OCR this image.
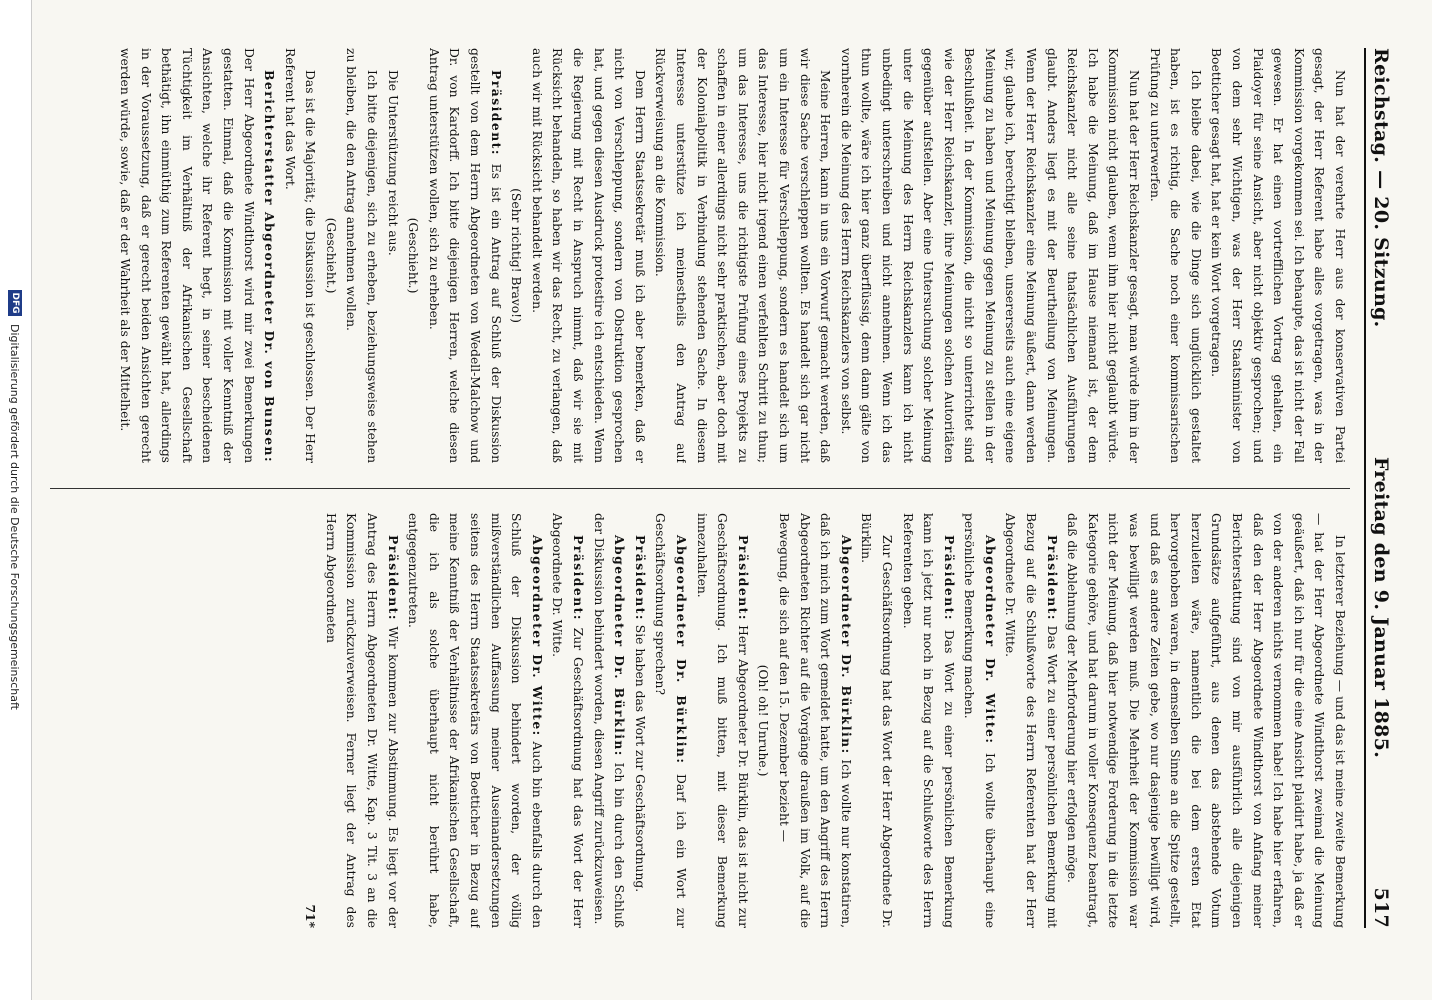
Reichstag. — 20. Sitzung.
Freitag den 9. Januar 1885.
517

Nun hat der verehrte Herr aus der konservativen Partei gesagt, der Herr Referent habe alles vorgetragen, was in der Kommission vorgekommen sei. Ich behaupte, das ist nicht der Fall gewesen. Er hat einen vortrefflichen Vortrag gehalten, ein Plaidoyer für seine Ansicht, aber nicht objektiv gesprochen; und von dem sehr Wichtigen, was der Herr Staatsminister von Boetticher gesagt hat, hat er kein Wort vorgetragen.

Ich bleibe dabei, wie die Dinge sich unglücklich gestaltet haben, ist es richtig, die Sache noch einer kommissarischen Prüfung zu unterwerfen.

Nun hat der Herr Reichskanzler gesagt, man würde ihm in der Kommission nicht glauben, wenn ihm hier nicht geglaubt würde. Ich habe die Meinung, daß im Hause niemand ist, der dem Reichskanzler nicht alle seine thatsächlichen Ausführungen glaubt. Anders liegt es mit der Beurtheilung von Meinungen. Wenn der Herr Reichskanzler eine Meinung äußert, dann werden wir, glaube ich, berechtigt bleiben, unsererseits auch eine eigene Meinung zu haben und Meinung gegen Meinung zu stellen in der Beschlußheit. In der Kommission, die nicht so unterrichtet sind wie der Herr Reichskanzler, ihre Meinungen solchen Autoritäten gegenüber aufstellen. Aber eine Untersuchung solcher Meinung unter die Meinung des Herrn Reichskanzlers kann ich nicht unbedingt unterschreiben und nicht annehmen. Wenn ich das thun wollte, wäre ich hier ganz überflüssig, denn dann gälte von vornherein die Meinung des Herrn Reichskanzlers von selbst.

Meine Herren, kann in uns ein Vorwurf gemacht werden, daß wir diese Sache verschleppen wollten. Es handelt sich gar nicht um ein Interesse für Verschleppung, sondern es handelt sich um das Interesse, hier nicht irgend einen verfehlten Schritt zu thun; um das Interesse, uns die richtigste Prüfung eines Projekts zu schaffen in einer allerdings nicht sehr praktischen, aber doch mit der Kolonialpolitik in Verbindung stehenden Sache. In diesem Interesse unterstütze ich meinestheils den Antrag auf Rückverweisung an die Kommission.

Dem Herrn Staatssekretär muß ich aber bemerken, daß er nicht von Verschleppung, sondern von Obstruktion gesprochen hat, und gegen diesen Ausdruck protestire ich entschieden. Wenn die Regierung mit Recht in Anspruch nimmt, daß wir sie mit Rücksicht behandeln, so haben wir das Recht, zu verlangen, daß auch wir mit Rücksicht behandelt werden.

(Sehr richtig! Bravo!)

Präsident: Es ist ein Antrag auf Schluß der Diskussion gestellt von dem Herrn Abgeordneten von Wedell-Malchow und Dr. von Kardorff. Ich bitte diejenigen Herren, welche diesen Antrag unterstützen wollen, sich zu erheben.

(Geschieht.)

Die Unterstützung reicht aus.

Ich bitte diejenigen, sich zu erheben, beziehungsweise stehen zu bleiben, die den Antrag annehmen wollen.

(Geschieht.)

Das ist die Majorität; die Diskussion ist geschlossen. Der Herr Referent hat das Wort.

Berichterstatter Abgeordneter Dr. von Bunsen: Der Herr Abgeordnete Windthorst wird mir zwei Bemerkungen gestatten. Einmal, daß die Kommission mit voller Kenntniß der Ansichten, welche ihr Referent hegt, in seiner bescheidenen Tüchtigkeit im Verhältniß der Afrikanischen Gesellschaft bethätigt, ihn einmüthig zum Referenten gewählt hat, allerdings in der Voraussetzung, daß er gerecht beiden Ansichten gerecht werden würde, sowie, daß er der Wahrheit als der Mittelheit.

In letzterer Beziehung — und das ist meine zweite Bemerkung — hat der Herr Abgeordnete Windthorst zweimal die Meinung geäußert, daß ich nur für die eine Ansicht plaidirt habe, ja daß er von der anderen nichts vernommen habe! Ich habe hier erfahren, daß den der Herr Abgeordnete Windthorst von Anfang meiner Berichterstattung sind von mir ausführlich alle diejenigen Grundsätze aufgeführt, aus denen das abstehende Votum herzuleiten wäre, namentlich die bei dem ersten Etat hervorgehoben waren, in demselben Sinne an die Spitze gestellt, und daß es andere Zeiten gebe, wo nur dasjenige bewilligt wird, was bewilligt werden muß. Die Mehrheit der Kommission war nicht der Meinung, daß hier notwendige Forderung in die letzte Kategorie gehöre, und hat darum in voller Konsequenz beantragt, daß die Ablehnung der Mehrforderung hier erfolgen möge.

Präsident: Das Wort zu einer persönlichen Bemerkung mit Bezug auf die Schlußworte des Herrn Referenten hat der Herr Abgeordnete Dr. Witte.

Abgeordneter Dr. Witte: Ich wollte überhaupt eine persönliche Bemerkung machen.

Präsident: Das Wort zu einer persönlichen Bemerkung kann ich jetzt nur noch in Bezug auf die Schlußworte des Herrn Referenten geben.

Zur Geschäftsordnung hat das Wort der Herr Abgeordnete Dr. Bürklin.

Abgeordneter Dr. Bürklin: Ich wollte nur konstatiren, daß ich mich zum Wort gemeldet hatte, um den Angriff des Herrn Abgeordneten Richter auf die Vorgänge draußen im Volk, auf die Bewegung, die sich auf den 15. Dezember bezieht —

(Oh! oh! Unruhe.)

Präsident: Herr Abgeordneter Dr. Bürklin, das ist nicht zur Geschäftsordnung. Ich muß bitten, mit dieser Bemerkung innezuhalten.

Abgeordneter Dr. Bürklin: Darf ich ein Wort zur Geschäftsordnung sprechen?

Präsident: Sie haben das Wort zur Geschäftsordnung.

Abgeordneter Dr. Bürklin: Ich bin durch den Schluß der Diskussion behindert worden, diesen Angriff zurückzuweisen.

Präsident: Zur Geschäftsordnung hat das Wort der Herr Abgeordnete Dr. Witte.

Abgeordneter Dr. Witte: Auch bin ebenfalls durch den Schluß der Diskussion behindert worden, der völlig mißverständlichen Auffassung meiner Auseinandersetzungen seitens des Herrn Staatssekretärs von Boetticher in Bezug auf meine Kenntniß der Verhältnisse der Afrikanischen Gesellschaft, die ich als solche überhaupt nicht berührt habe, entgegenzutreten.

Präsident: Wir kommen zur Abstimmung. Es liegt vor der Antrag des Herrn Abgeordneten Dr. Witte, Kap. 3 Tit. 3 an die Kommission zurückzuverweisen. Ferner liegt der Antrag des Herrn Abgeordneten

71*

DFG
Digitalisierung gefördert durch die Deutsche Forschungsgemeinschaft
